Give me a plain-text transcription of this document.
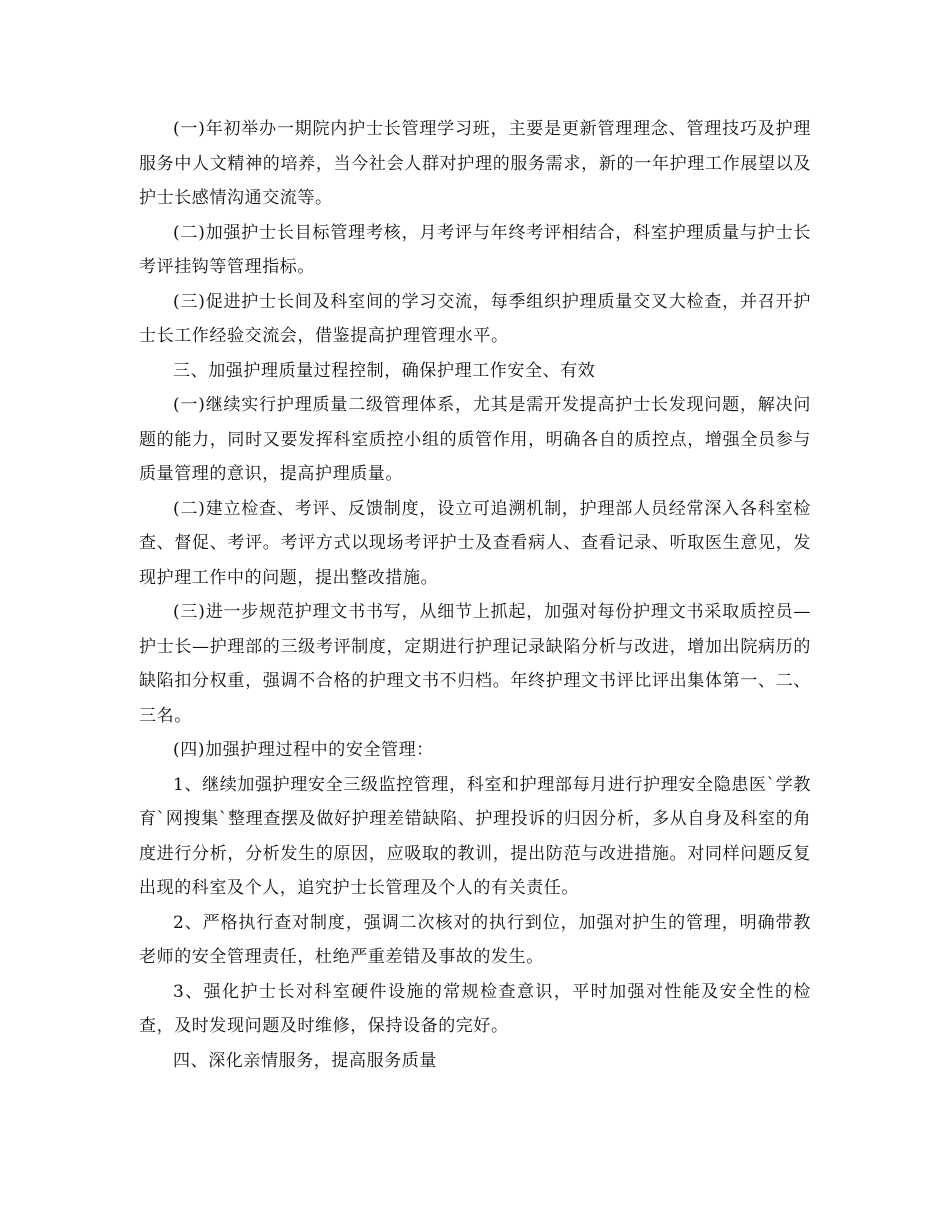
(一)年初举办一期院内护士长管理学习班，主要是更新管理理念、管理技巧及护理服务中人文精神的培养，当今社会人群对护理的服务需求，新的一年护理工作展望以及护士长感情沟通交流等。

(二)加强护士长目标管理考核，月考评与年终考评相结合，科室护理质量与护士长考评挂钩等管理指标。

(三)促进护士长间及科室间的学习交流，每季组织护理质量交叉大检查，并召开护士长工作经验交流会，借鉴提高护理管理水平。

三、加强护理质量过程控制，确保护理工作安全、有效

(一)继续实行护理质量二级管理体系，尤其是需开发提高护士长发现问题，解决问题的能力，同时又要发挥科室质控小组的质管作用，明确各自的质控点，增强全员参与质量管理的意识，提高护理质量。

(二)建立检查、考评、反馈制度，设立可追溯机制，护理部人员经常深入各科室检查、督促、考评。考评方式以现场考评护士及查看病人、查看记录、听取医生意见，发现护理工作中的问题，提出整改措施。

(三)进一步规范护理文书书写，从细节上抓起，加强对每份护理文书采取质控员—护士长—护理部的三级考评制度，定期进行护理记录缺陷分析与改进，增加出院病历的缺陷扣分权重，强调不合格的护理文书不归档。年终护理文书评比评出集体第一、二、三名。

(四)加强护理过程中的安全管理：

1、继续加强护理安全三级监控管理，科室和护理部每月进行护理安全隐患医`学教育`网搜集`整理查摆及做好护理差错缺陷、护理投诉的归因分析，多从自身及科室的角度进行分析，分析发生的原因，应吸取的教训，提出防范与改进措施。对同样问题反复出现的科室及个人，追究护士长管理及个人的有关责任。

2、严格执行查对制度，强调二次核对的执行到位，加强对护生的管理，明确带教老师的安全管理责任，杜绝严重差错及事故的发生。

3、强化护士长对科室硬件设施的常规检查意识，平时加强对性能及安全性的检查，及时发现问题及时维修，保持设备的完好。

四、深化亲情服务，提高服务质量
